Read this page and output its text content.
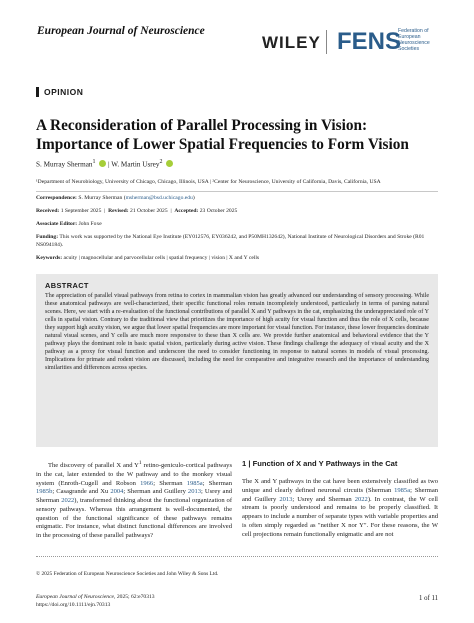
European Journal of Neuroscience
WILEY FENS
Federation of
European
Neuroscience
Societies
OPINION
A Reconsideration of Parallel Processing in Vision: Importance of Lower Spatial Frequencies to Form Vision
S. Murray Sherman$^1$ | W. Martin Usrey$^2$
¹Department of Neurobiology, University of Chicago, Chicago, Illinois, USA | ²Center for Neuroscience, University of California, Davis, California, USA
Correspondence: S. Murray Sherman (msherman@bsd.uchicago.edu)
Received: 1 September 2025  |  Revised: 21 October 2025  |  Accepted: 23 October 2025
Associate Editor: John Foxe
Funding: This work was supported by the National Eye Institute (EY012576, EY036242, and P50MH132642), National Institute of Neurological Disorders and Stroke (R01 NS094184).
Keywords: acuity | magnocellular and parvocellular cells | spatial frequency | vision | X and Y cells
ABSTRACT
The appreciation of parallel visual pathways from retina to cortex in mammalian vision has greatly advanced our understanding of sensory processing. While these anatomical pathways are well-characterized, their specific functional roles remain incompletely understood, particularly in terms of parsing natural scenes. Here, we start with a re-evaluation of the functional contributions of parallel X and Y pathways in the cat, emphasizing the underappreciated role of Y cells in spatial vision. Contrary to the traditional view that prioritizes the importance of high acuity for visual function and thus the role of X cells, because they support high acuity vision, we argue that lower spatial frequencies are more important for visual function. For instance, these lower frequencies dominate natural visual scenes, and Y cells are much more responsive to these than X cells are. We provide further anatomical and behavioral evidence that the Y pathway plays the dominant role in basic spatial vision, particularly during active vision. These findings challenge the adequacy of visual acuity and the X pathway as a proxy for visual function and underscore the need to consider functioning in response to natural scenes in models of visual processing. Implications for primate and rodent vision are discussed, including the need for comparative and integrative research and the importance of understanding similarities and differences across species.
The discovery of parallel X and $Y^1$ retino-geniculo-cortical pathways in the cat, later extended to the W pathway and to the monkey visual system (Enroth-Cugell and Robson 1966; Sherman 1985a; Sherman 1985b; Casagrande and Xu 2004; Sherman and Guillery 2013; Usrey and Sherman 2022), transformed thinking about the functional organization of sensory pathways. Whereas this arrangement is well-documented, the question of the functional significance of these pathways remains enigmatic. For instance, what distinct functional differences are involved in the processing of these parallel pathways?
1 | Function of X and Y Pathways in the Cat
The X and Y pathways in the cat have been extensively classified as two unique and clearly defined neuronal circuits (Sherman 1985a; Sherman and Guillery 2013; Usrey and Sherman 2022). In contrast, the W cell stream is poorly understood and remains to be properly classified. It appears to include a number of separate types with variable properties and is often simply regarded as "neither X nor Y". For these reasons, the W cell projections remain functionally enigmatic and are not
© 2025 Federation of European Neuroscience Societies and John Wiley & Sons Ltd.
European Journal of Neuroscience, 2025; 62:e70313
https://doi.org/10.1111/ejn.70313
1 of 11
